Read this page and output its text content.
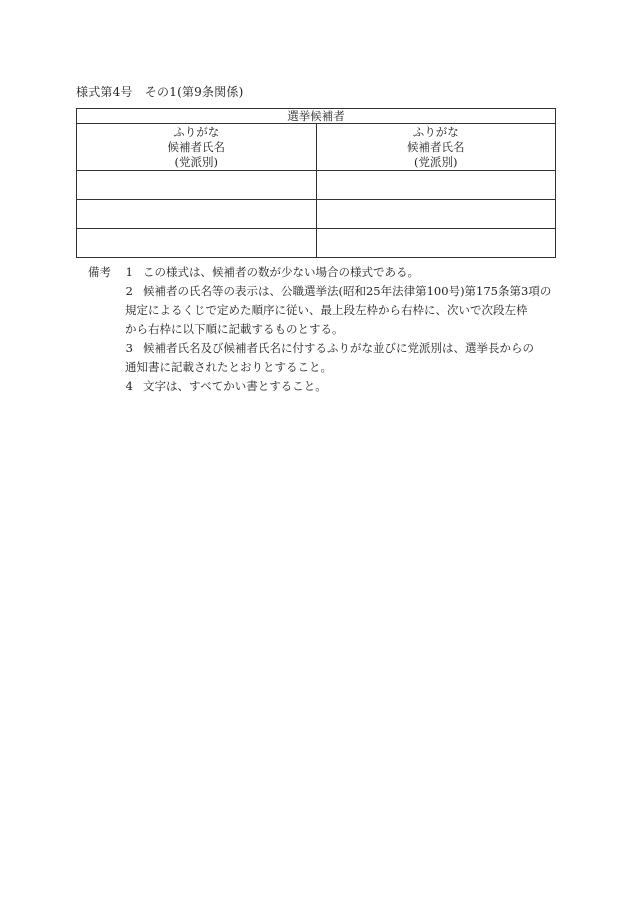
様式第4号　その1(第9条関係)
選挙候補者	

ふりがな
候補者氏名
(党派別)	ふりがな
候補者氏名
(党派別)

備考 1 この様式は、候補者の数が少ない場合の様式である。
2 候補者の氏名等の表示は、公職選挙法(昭和25年法律第100号)第175条第3項の
規定によるくじで定めた順序に従い、最上段左枠から右枠に、次いで次段左枠
から右枠に以下順に記載するものとする。
3 候補者氏名及び候補者氏名に付するふりがな並びに党派別は、選挙長からの
通知書に記載されたとおりとすること。
4 文字は、すべてかい書とすること。
